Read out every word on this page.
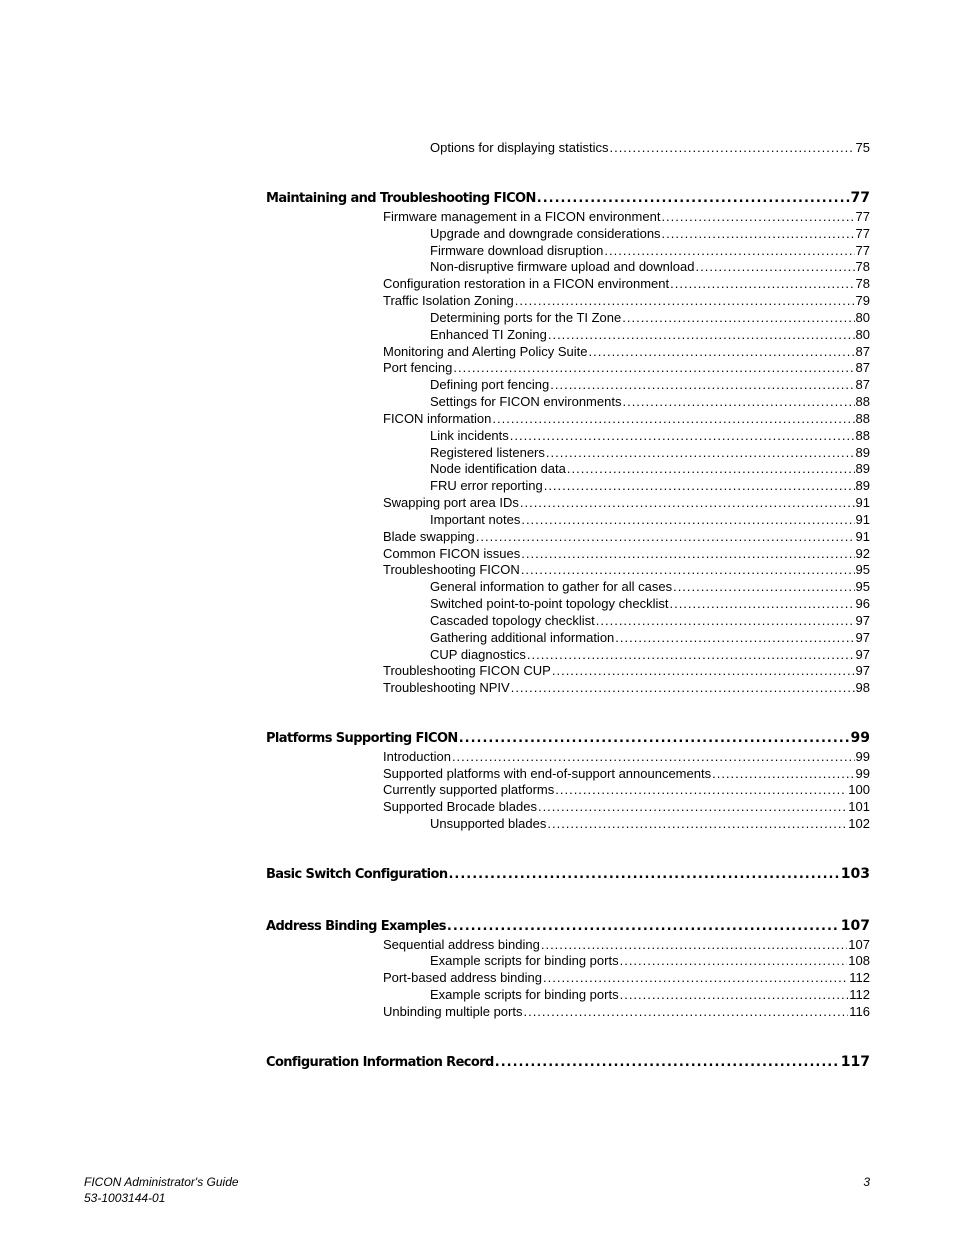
Options for displaying statistics .....	75
Maintaining and Troubleshooting FICON .....	77
Firmware management in a FICON environment .....	77
Upgrade and downgrade considerations .....	77
Firmware download disruption .....	77
Non-disruptive firmware upload and download .....	78
Configuration restoration in a FICON environment .....	78
Traffic Isolation Zoning .....	79
Determining ports for the TI Zone .....	80
Enhanced TI Zoning .....	80
Monitoring and Alerting Policy Suite .....	87
Port fencing .....	87
Defining port fencing .....	87
Settings for FICON environments .....	88
FICON information .....	88
Link incidents .....	88
Registered listeners .....	89
Node identification data .....	89
FRU error reporting .....	89
Swapping port area IDs .....	91
Important notes .....	91
Blade swapping .....	91
Common FICON issues .....	92
Troubleshooting FICON .....	95
General information to gather for all cases .....	95
Switched point-to-point topology checklist .....	96
Cascaded topology checklist .....	97
Gathering additional information .....	97
CUP diagnostics .....	97
Troubleshooting FICON CUP .....	97
Troubleshooting NPIV .....	98
Platforms Supporting FICON .....	99
Introduction .....	99
Supported platforms with end-of-support announcements .....	99
Currently supported platforms .....	100
Supported Brocade blades .....	101
Unsupported blades .....	102
Basic Switch Configuration .....	103
Address Binding Examples .....	107
Sequential address binding .....	107
Example scripts for binding ports .....	108
Port-based address binding .....	112
Example scripts for binding ports .....	112
Unbinding multiple ports .....	116
Configuration Information Record .....	117
FICON Administrator's Guide
53-1003144-01
3
